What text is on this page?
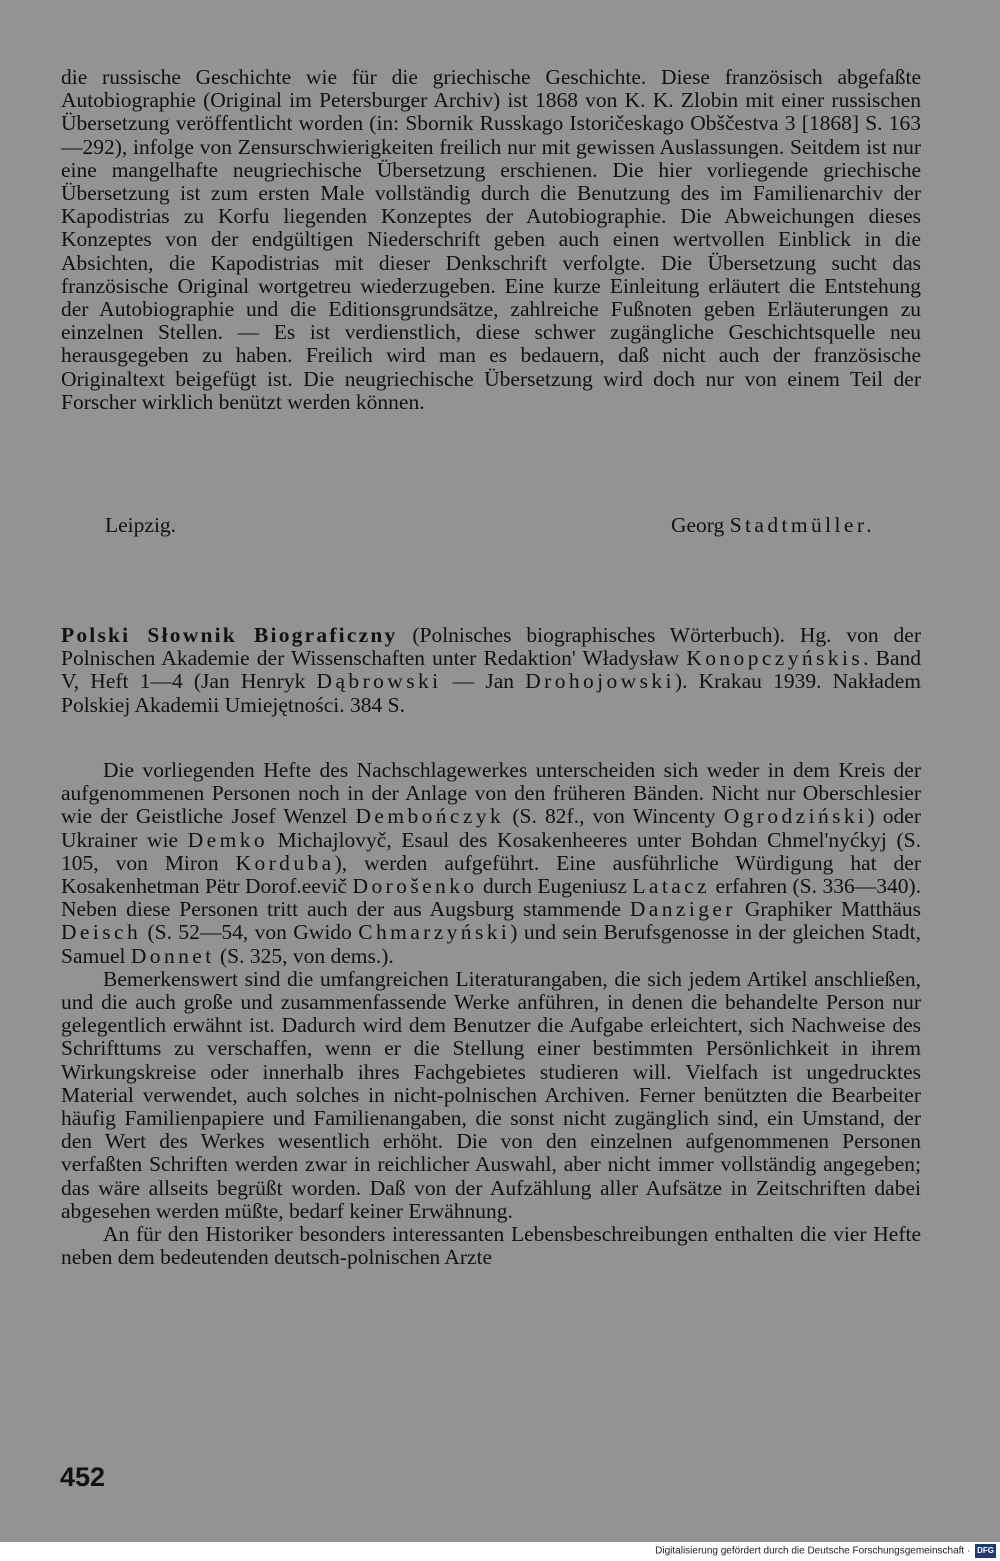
die russische Geschichte wie für die griechische Geschichte. Diese französisch abgefaßte Autobiographie (Original im Petersburger Archiv) ist 1868 von K. K. Zlobin mit einer russischen Übersetzung veröffentlicht worden (in: Sbornik Russkago Istoričeskago Obščestva 3 [1868] S. 163—292), infolge von Zensurschwierigkeiten freilich nur mit gewissen Auslassungen. Seitdem ist nur eine mangelhafte neugriechische Übersetzung erschienen. Die hier vorliegende griechische Übersetzung ist zum ersten Male vollständig durch die Benutzung des im Familienarchiv der Kapodistrias zu Korfu liegenden Konzeptes der Autobiographie. Die Abweichungen dieses Konzeptes von der endgültigen Niederschrift geben auch einen wertvollen Einblick in die Absichten, die Kapodistrias mit dieser Denkschrift verfolgte. Die Übersetzung sucht das französische Original wortgetreu wiederzugeben. Eine kurze Einleitung erläutert die Entstehung der Autobiographie und die Editionsgrundsätze, zahlreiche Fußnoten geben Erläuterungen zu einzelnen Stellen. — Es ist verdienstlich, diese schwer zugängliche Geschichtsquelle neu herausgegeben zu haben. Freilich wird man es bedauern, daß nicht auch der französische Originaltext beigefügt ist. Die neugriechische Übersetzung wird doch nur von einem Teil der Forscher wirklich benützt werden können.

Leipzig.	Georg Stadtmüller.

Polski Słownik Biograficzny (Polnisches biographisches Wörterbuch). Hg. von der Polnischen Akademie der Wissenschaften unter Redaktion' Władysław Konopczyńskis. Band V, Heft 1—4 (Jan Henryk Dąbrowski — Jan Drohojowski). Krakau 1939. Nakładem Polskiej Akademii Umiejętności. 384 S.

Die vorliegenden Hefte des Nachschlagewerkes unterscheiden sich weder in dem Kreis der aufgenommenen Personen noch in der Anlage von den früheren Bänden. Nicht nur Oberschlesier wie der Geistliche Josef Wenzel Dembończyk (S. 82f., von Wincenty Ogrodziński) oder Ukrainer wie Demko Michajlovyč, Esaul des Kosakenheeres unter Bohdan Chmel'nyćkyj (S. 105, von Miron Korduba), werden aufgeführt. Eine ausführliche Würdigung hat der Kosakenhetman Pëtr Dorof.eevič Dorošenko durch Eugeniusz Latacz erfahren (S. 336—340). Neben diese Personen tritt auch der aus Augsburg stammende Danziger Graphiker Matthäus Deisch (S. 52—54, von Gwido Chmarzyński) und sein Berufsgenosse in der gleichen Stadt, Samuel Donnet (S. 325, von dems.).

Bemerkenswert sind die umfangreichen Literaturangaben, die sich jedem Artikel anschließen, und die auch große und zusammenfassende Werke anführen, in denen die behandelte Person nur gelegentlich erwähnt ist. Dadurch wird dem Benutzer die Aufgabe erleichtert, sich Nachweise des Schrifttums zu verschaffen, wenn er die Stellung einer bestimmten Persönlichkeit in ihrem Wirkungskreise oder innerhalb ihres Fachgebietes studieren will. Vielfach ist ungedrucktes Material verwendet, auch solches in nicht-polnischen Archiven. Ferner benützten die Bearbeiter häufig Familienpapiere und Familienangaben, die sonst nicht zugänglich sind, ein Umstand, der den Wert des Werkes wesentlich erhöht. Die von den einzelnen aufgenommenen Personen verfaßten Schriften werden zwar in reichlicher Auswahl, aber nicht immer vollständig angegeben; das wäre allseits begrüßt worden. Daß von der Aufzählung aller Aufsätze in Zeitschriften dabei abgesehen werden müßte, bedarf keiner Erwähnung.

An für den Historiker besonders interessanten Lebensbeschreibungen enthalten die vier Hefte neben dem bedeutenden deutsch-polnischen Arzte

452
Digitalisierung gefördert durch die Deutsche Forschungsgemeinschaft · DFG
